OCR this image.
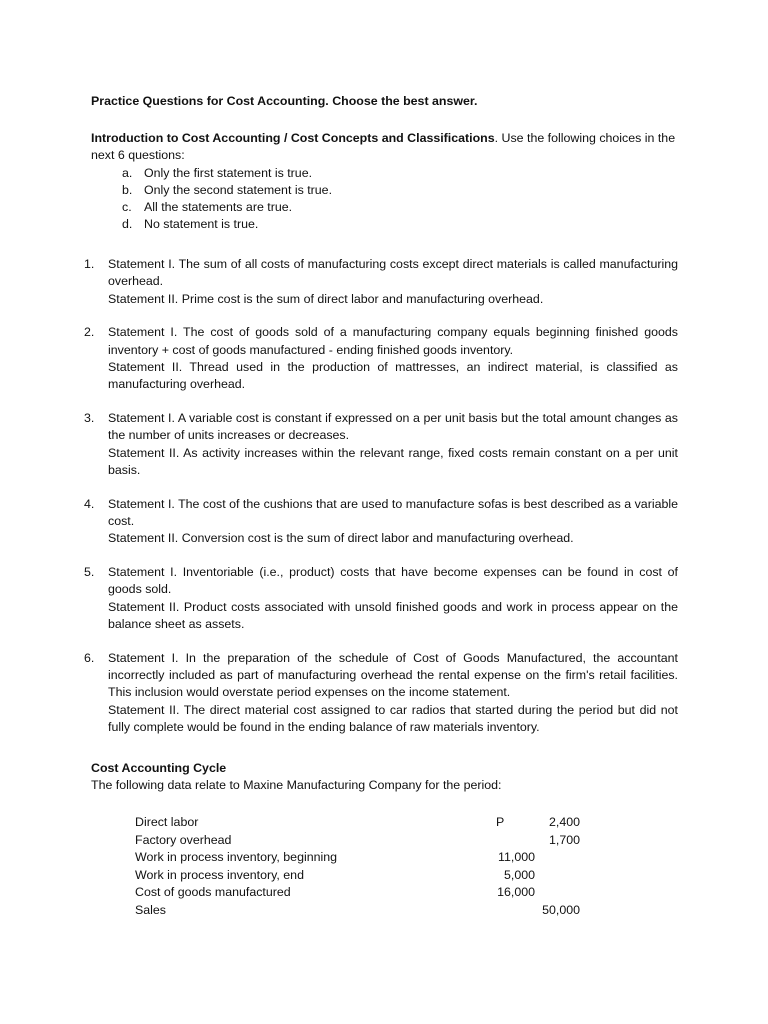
Practice Questions for Cost Accounting. Choose the best answer.
Introduction to Cost Accounting / Cost Concepts and Classifications. Use the following choices in the next 6 questions:
a. Only the first statement is true.
b. Only the second statement is true.
c. All the statements are true.
d. No statement is true.
1. Statement I. The sum of all costs of manufacturing costs except direct materials is called manufacturing overhead.

Statement II. Prime cost is the sum of direct labor and manufacturing overhead.

2. Statement I. The cost of goods sold of a manufacturing company equals beginning finished goods inventory + cost of goods manufactured - ending finished goods inventory.

Statement II. Thread used in the production of mattresses, an indirect material, is classified as manufacturing overhead.

3. Statement I. A variable cost is constant if expressed on a per unit basis but the total amount changes as the number of units increases or decreases.

Statement II. As activity increases within the relevant range, fixed costs remain constant on a per unit basis.

4. Statement I. The cost of the cushions that are used to manufacture sofas is best described as a variable cost.

Statement II. Conversion cost is the sum of direct labor and manufacturing overhead.

5. Statement I. Inventoriable (i.e., product) costs that have become expenses can be found in cost of goods sold.

Statement II. Product costs associated with unsold finished goods and work in process appear on the balance sheet as assets.

6. Statement I. In the preparation of the schedule of Cost of Goods Manufactured, the accountant incorrectly included as part of manufacturing overhead the rental expense on the firm's retail facilities. This inclusion would overstate period expenses on the income statement.

Statement II. The direct material cost assigned to car radios that started during the period but did not fully complete would be found in the ending balance of raw materials inventory.

Cost Accounting Cycle
The following data relate to Maxine Manufacturing Company for the period:
Direct labor	P	2,400
Factory overhead	1,700
Work in process inventory, beginning	11,000
Work in process inventory, end	5,000
Cost of goods manufactured	16,000
Sales	50,000
